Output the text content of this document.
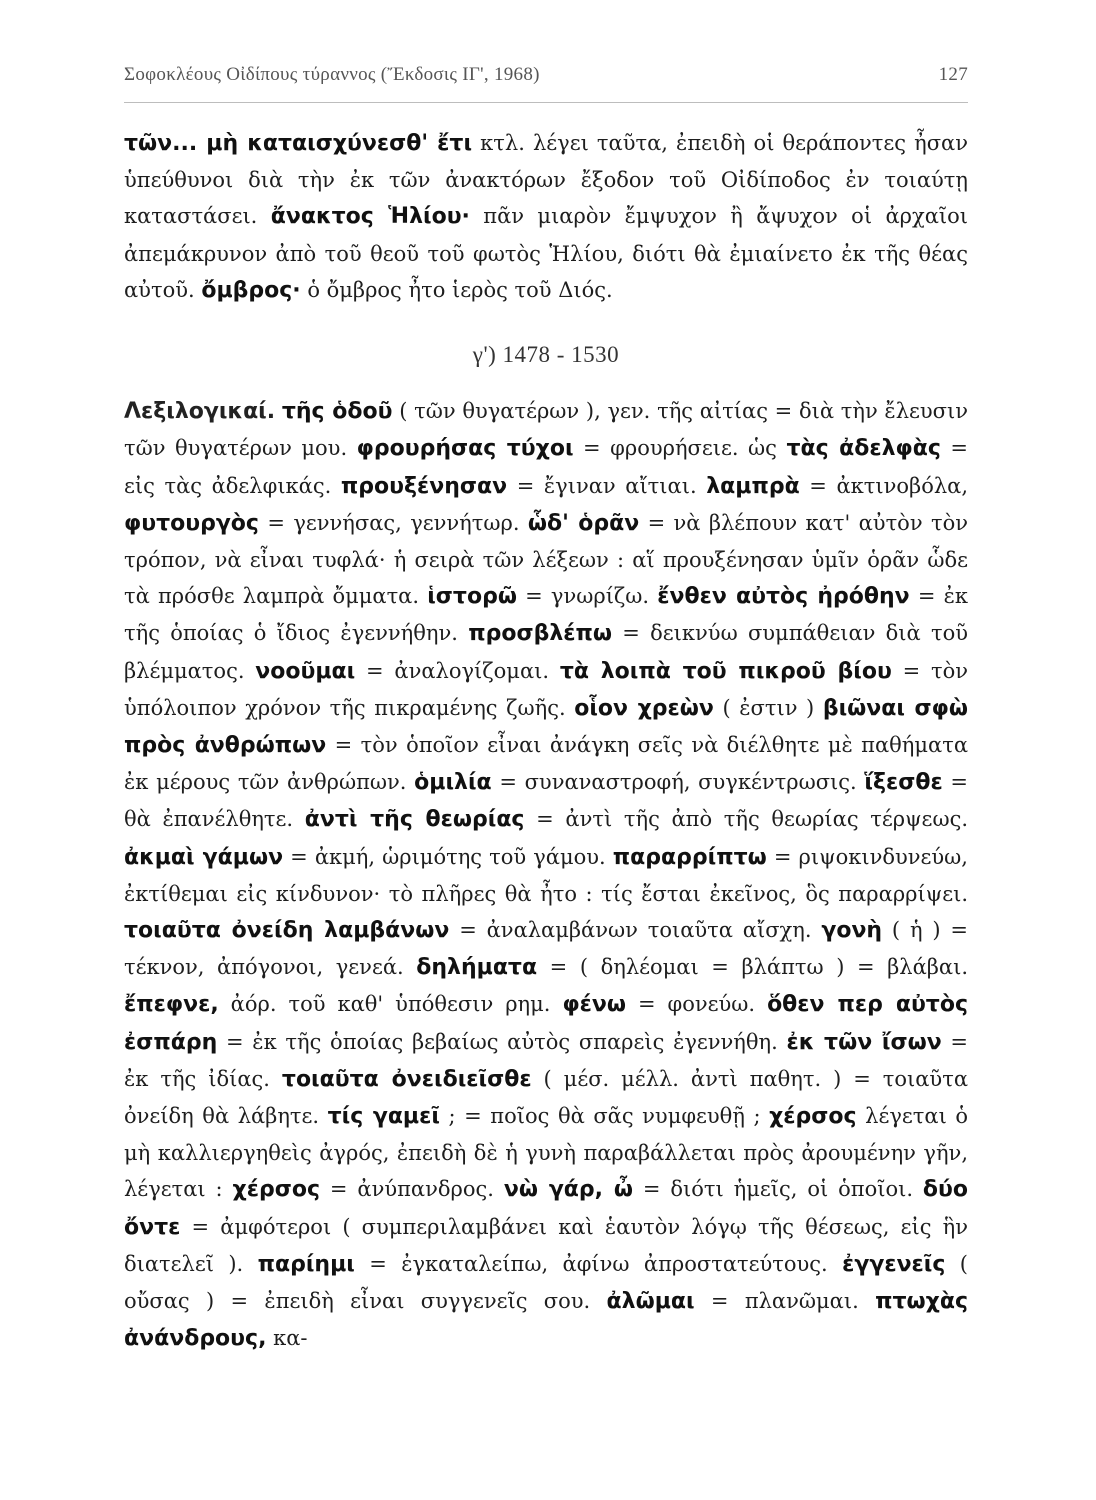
Σοφοκλέους Οἰδίπους τύραννος (Ἔκδοσις ΙΓ', 1968)	127

τῶν... μὴ καταισχύνεσθ' ἔτι κτλ. λέγει ταῦτα, ἐπειδὴ οἱ θεράποντες ἦσαν ὑπεύθυνοι διὰ τὴν ἐκ τῶν ἀνακτόρων ἔξοδον τοῦ Οἰδίποδος ἐν τοιαύτῃ καταστάσει. ἄνακτος Ἡλίου· πᾶν μιαρὸν ἔμψυχον ἢ ἄψυχον οἱ ἀρχαῖοι ἀπεμάκρυνον ἀπὸ τοῦ θεοῦ τοῦ φωτὸς Ἡλίου, διότι θὰ ἐμιαίνετο ἐκ τῆς θέας αὐτοῦ. ὄμβρος· ὁ ὄμβρος ἦτο ἱερὸς τοῦ Διός.

γ') 1478 - 1530

Λεξιλογικαί. τῆς ὁδοῦ ( τῶν θυγατέρων ), γεν. τῆς αἰτίας = διὰ τὴν ἔλευσιν τῶν θυγατέρων μου. φρουρήσας τύχοι = φρουρήσειε. ὡς τὰς ἀδελφὰς = εἰς τὰς ἀδελφικάς. προυξένησαν = ἔγιναν αἴτιαι. λαμπρὰ = ἀκτινοβόλα, φυτουργὸς = γεννήσας, γεννήτωρ. ὧδ' ὁρᾶν = νὰ βλέπουν κατ' αὐτὸν τὸν τρόπον, νὰ εἶναι τυφλά· ἡ σειρὰ τῶν λέξεων : αἵ προυξένησαν ὑμῖν ὁρᾶν ὧδε τὰ πρόσθε λαμπρὰ ὄμματα. ἱστορῶ = γνωρίζω. ἔνθεν αὐτὸς ἠρόθην = ἐκ τῆς ὁποίας ὁ ἴδιος ἐγεννήθην. προσβλέπω = δεικνύω συμπάθειαν διὰ τοῦ βλέμματος. νοοῦμαι = ἀναλογίζομαι. τὰ λοιπὰ τοῦ πικροῦ βίου = τὸν ὑπόλοιπον χρόνον τῆς πικραμένης ζωῆς. οἷον χρεὼν ( ἐστιν ) βιῶναι σφὼ πρὸς ἀνθρώπων = τὸν ὁποῖον εἶναι ἀνάγκη σεῖς νὰ διέλθητε μὲ παθήματα ἐκ μέρους τῶν ἀνθρώπων. ὁμιλία = συναναστροφή, συγκέντρωσις. ἵξεσθε = θὰ ἐπανέλθητε. ἀντὶ τῆς θεωρίας = ἀντὶ τῆς ἀπὸ τῆς θεωρίας τέρψεως. ἀκμαὶ γάμων = ἀκμή, ὡριμότης τοῦ γάμου. παραρρίπτω = ριψοκινδυνεύω, ἐκτίθεμαι εἰς κίνδυνον· τὸ πλῆρες θὰ ἦτο : τίς ἔσται ἐκεῖνος, ὃς παραρρίψει. τοιαῦτα ὀνείδη λαμβάνων = ἀναλαμβάνων τοιαῦτα αἴσχη. γονὴ ( ἡ ) = τέκνον, ἀπόγονοι, γενεά. δηλήματα = ( δηλέομαι = βλάπτω ) = βλάβαι. ἔπεφνε, ἀόρ. τοῦ καθ' ὑπόθεσιν ρημ. φένω = φονεύω. ὅθεν περ αὐτὸς ἐσπάρη = ἐκ τῆς ὁποίας βεβαίως αὐτὸς σπαρεὶς ἐγεννήθη. ἐκ τῶν ἴσων = ἐκ τῆς ἰδίας. τοιαῦτα ὀνειδιεῖσθε ( μέσ. μέλλ. ἀντὶ παθητ. ) = τοιαῦτα ὀνείδη θὰ λάβητε. τίς γαμεῖ ; = ποῖος θὰ σᾶς νυμφευθῇ ; χέρσος λέγεται ὁ μὴ καλλιεργηθεὶς ἀγρός, ἐπειδὴ δὲ ἡ γυνὴ παραβάλλεται πρὸς ἀρουμένην γῆν, λέγεται : χέρσος = ἀνύπανδρος. νὼ γάρ, ὦ = διότι ἡμεῖς, οἱ ὁποῖοι. δύο ὄντε = ἀμφότεροι ( συμπεριλαμβάνει καὶ ἑαυτὸν λόγῳ τῆς θέσεως, εἰς ἣν διατελεῖ ). παρίημι = ἐγκαταλείπω, ἀφίνω ἀπροστατεύτους. ἐγγενεῖς ( οὔσας ) = ἐπειδὴ εἶναι συγγενεῖς σου. ἀλῶμαι = πλανῶμαι. πτωχὰς ἀνάνδρους, κα-
